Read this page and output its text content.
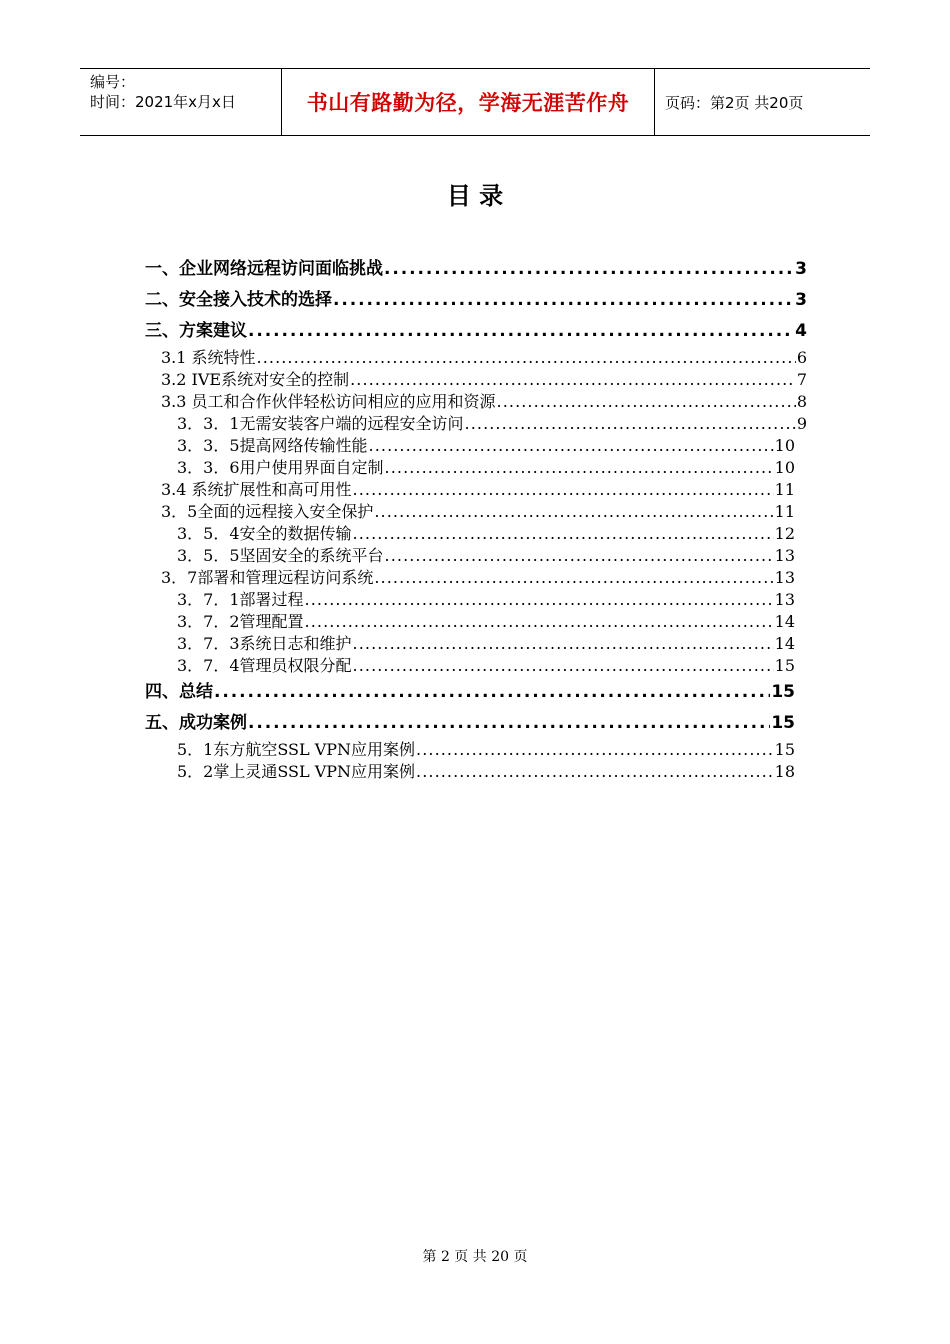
编号：
时间：2021年x月x日	书山有路勤为径，学海无涯苦作舟	页码：第2页 共20页
目 录
一、企业网络远程访问面临挑战 . . .	3
二、安全接入技术的选择 . . .	3
三、方案建议 . . .	4
3.1 系统特性 . . .	6
3.2 IVE系统对安全的控制 . . .	7
3.3 员工和合作伙伴轻松访问相应的应用和资源 . . .	8
3．3．1无需安装客户端的远程安全访问 . . .	9
3．3．5提高网络传输性能 . . .	10
3．3．6用户使用界面自定制 . . .	10
3.4 系统扩展性和高可用性 . . .	11
3．5全面的远程接入安全保护 . . .	11
3．5．4安全的数据传输 . . .	12
3．5．5坚固安全的系统平台 . . .	13
3．7部署和管理远程访问系统 . . .	13
3．7．1部署过程 . . .	13
3．7．2管理配置 . . .	14
3．7．3系统日志和维护 . . .	14
3．7．4管理员权限分配 . . .	15
四、总结 . . .	15
五、成功案例 . . .	15
5．1东方航空SSL VPN应用案例 . . .	15
5．2掌上灵通SSL VPN应用案例 . . .	18
第 2 页 共 20 页
